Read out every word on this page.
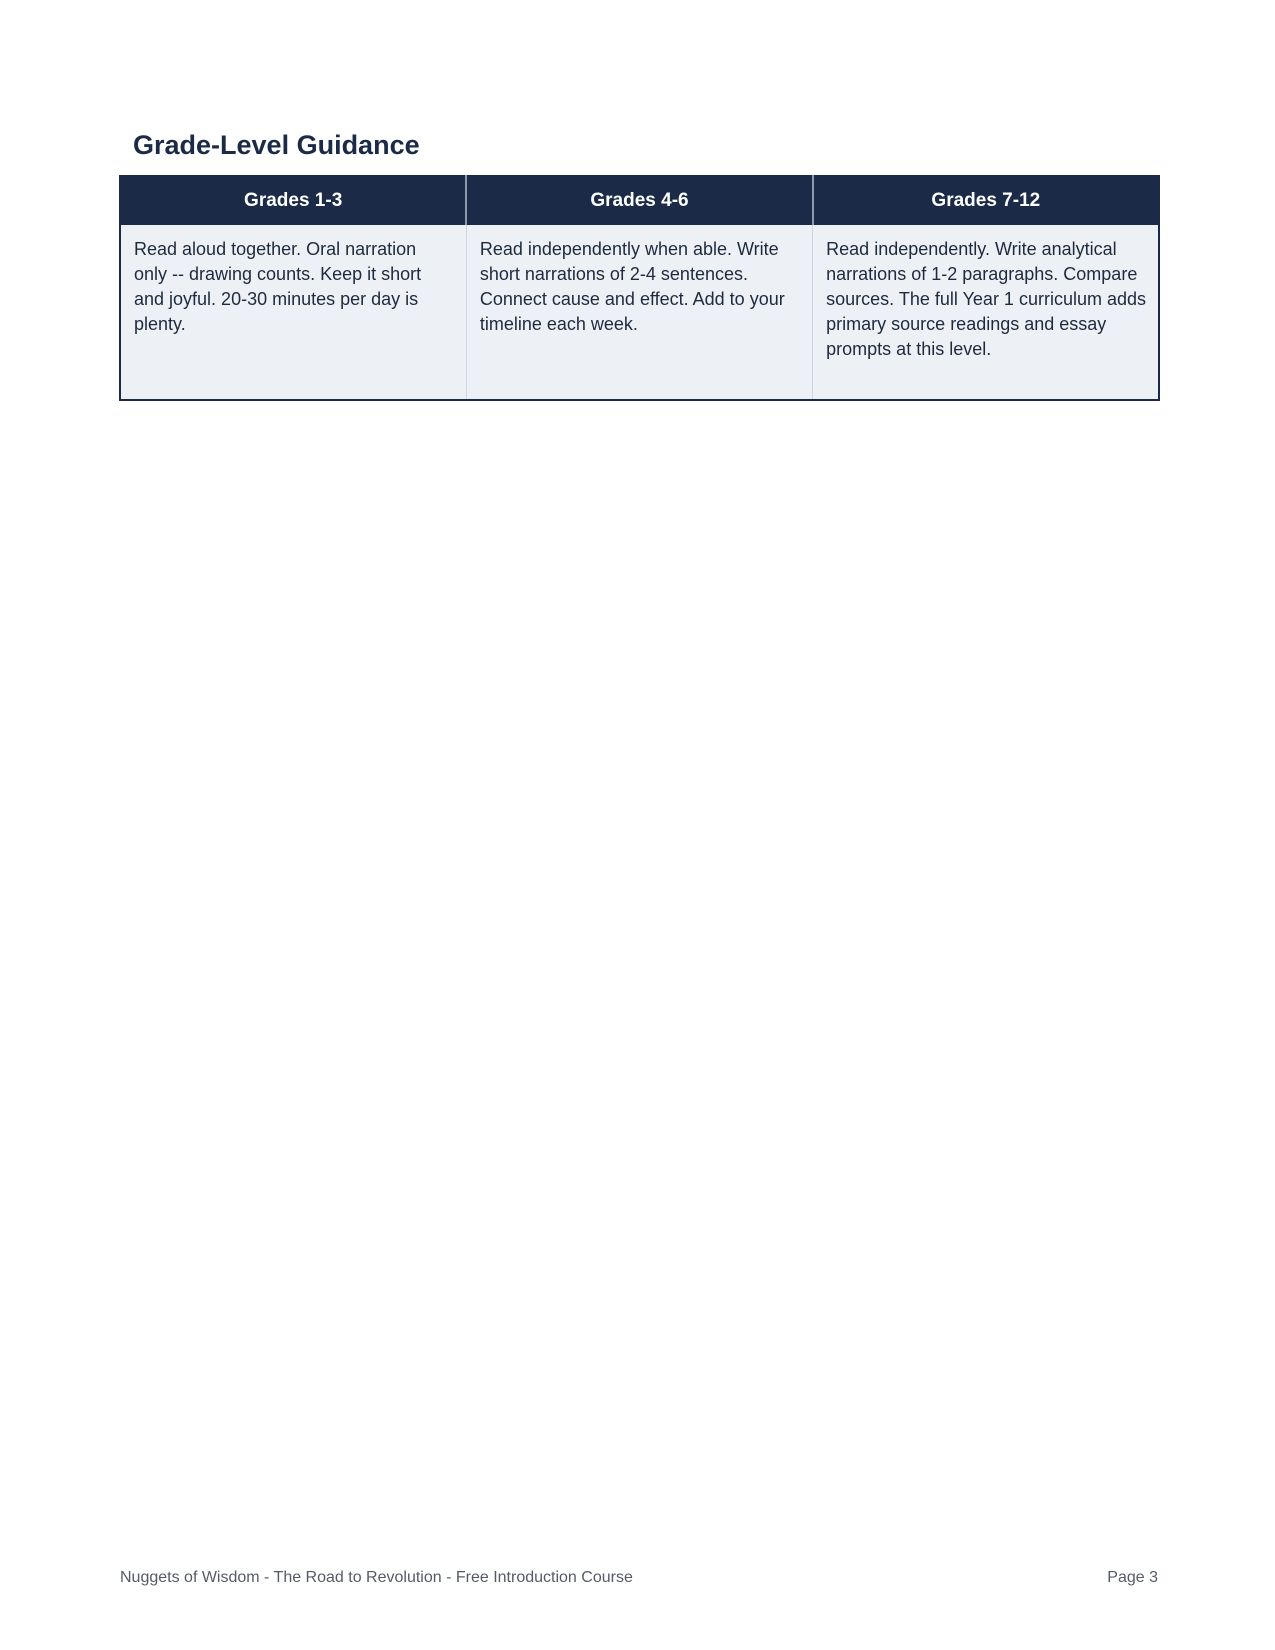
Grade-Level Guidance
Grades 1-3	Grades 4-6	Grades 7-12
Read aloud together. Oral narration only -- drawing counts. Keep it short and joyful. 20-30 minutes per day is plenty.	Read independently when able. Write short narrations of 2-4 sentences. Connect cause and effect. Add to your timeline each week.	Read independently. Write analytical narrations of 1-2 paragraphs. Compare sources. The full Year 1 curriculum adds primary source readings and essay prompts at this level.
Nuggets of Wisdom - The Road to Revolution - Free Introduction Course	Page 3
